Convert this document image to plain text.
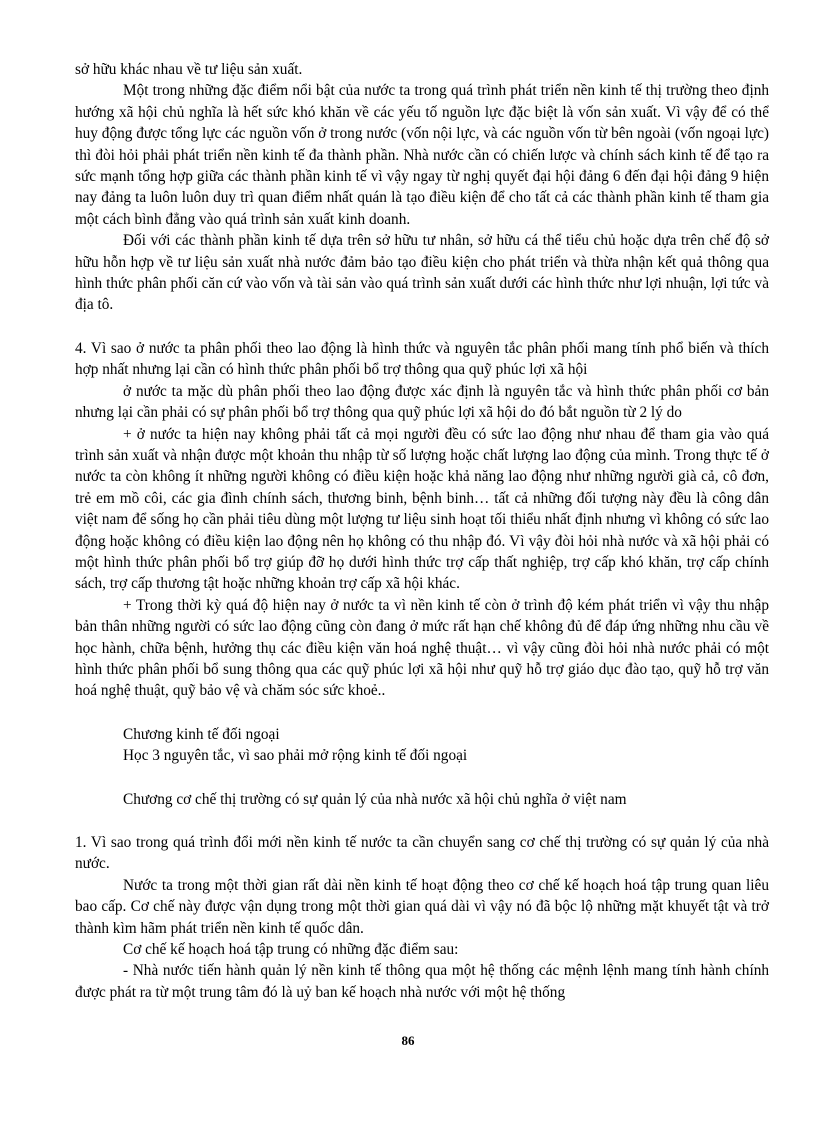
sở hữu khác nhau về tư liệu sản xuất.

Một trong những đặc điểm nổi bật của nước ta trong quá trình phát triển nền kinh tế thị trường theo định hướng xã hội chủ nghĩa là hết sức khó khăn về các yếu tố nguồn lực đặc biệt là vốn sản xuất. Vì vậy để có thể huy động được tổng lực các nguồn vốn ở trong nước (vốn nội lực, và các nguồn vốn từ bên ngoài (vốn ngoại lực) thì đòi hỏi phải phát triển nền kinh tế đa thành phần. Nhà nước cần có chiến lược và chính sách kinh tế để tạo ra sức mạnh tổng hợp giữa các thành phần kinh tế vì vậy ngay từ nghị quyết đại hội đảng 6 đến đại hội đảng 9 hiện nay đảng ta luôn luôn duy trì quan điểm nhất quán là tạo điều kiện để cho tất cả các thành phần kinh tế tham gia một cách bình đẳng vào quá trình sản xuất kinh doanh.

Đối với các thành phần kinh tế dựa trên sở hữu tư nhân, sở hữu cá thể tiểu chủ hoặc dựa trên chế độ sở hữu hỗn hợp về tư liệu sản xuất nhà nước đảm bảo tạo điều kiện cho phát triển và thừa nhận kết quả thông qua hình thức phân phối căn cứ vào vốn và tài sản vào quá trình sản xuất dưới các hình thức như lợi nhuận, lợi tức và địa tô.

4. Vì sao ở nước ta phân phối theo lao động là hình thức và nguyên tắc phân phối mang tính phổ biến và thích hợp nhất nhưng lại cần có hình thức phân phối bổ trợ thông qua quỹ phúc lợi xã hội

ở nước ta mặc dù phân phối theo lao động được xác định là nguyên tắc và hình thức phân phối cơ bản nhưng lại cần phải có sự phân phối bổ trợ thông qua quỹ phúc lợi xã hội do đó bắt nguồn từ 2 lý do

+ ở nước ta hiện nay không phải tất cả mọi người đều có sức lao động như nhau để tham gia vào quá trình sản xuất và nhận được một khoản thu nhập từ số lượng hoặc chất lượng lao động của mình. Trong thực tế ở nước ta còn không ít những người không có điều kiện hoặc khả năng lao động như những người già cả, cô đơn, trẻ em mồ côi, các gia đình chính sách, thương binh, bệnh binh… tất cả những đối tượng này đều là công dân việt nam để sống họ cần phải tiêu dùng một lượng tư liệu sinh hoạt tối thiểu nhất định nhưng vì không có sức lao động hoặc không có điều kiện lao động nên họ không có thu nhập đó. Vì vậy đòi hỏi nhà nước và xã hội phải có một hình thức phân phối bổ trợ giúp đỡ họ dưới hình thức trợ cấp thất nghiệp, trợ cấp khó khăn, trợ cấp chính sách, trợ cấp thương tật hoặc những khoản trợ cấp xã hội khác.

+ Trong thời kỳ quá độ hiện nay ở nước ta vì nền kinh tế còn ở trình độ kém phát triển vì vậy thu nhập bản thân những người có sức lao động cũng còn đang ở mức rất hạn chế không đủ để đáp ứng những nhu cầu về học hành, chữa bệnh, hưởng thụ các điều kiện văn hoá nghệ thuật… vì vậy cũng đòi hỏi nhà nước phải có một hình thức phân phối bổ sung thông qua các quỹ phúc lợi xã hội như quỹ hỗ trợ giáo dục đào tạo, quỹ hỗ trợ văn hoá nghệ thuật, quỹ bảo vệ và chăm sóc sức khoẻ..

Chương kinh tế đối ngoại

Học 3 nguyên tắc, vì sao phải mở rộng kinh tế đối ngoại

Chương cơ chế thị trường có sự quản lý của nhà nước xã hội chủ nghĩa ở việt nam

1. Vì sao trong quá trình đổi mới nền kinh tế nước ta cần chuyển sang cơ chế thị trường có sự quản lý của nhà nước.

Nước ta trong một thời gian rất dài nền kinh tế hoạt động theo cơ chế kế hoạch hoá tập trung quan liêu bao cấp. Cơ chế này được vận dụng trong một thời gian quá dài vì vậy nó đã bộc lộ những mặt khuyết tật và trở thành kìm hãm phát triển nền kinh tế quốc dân.

Cơ chế kế hoạch hoá tập trung có những đặc điểm sau:

- Nhà nước tiến hành quản lý nền kinh tế thông qua một hệ thống các mệnh lệnh mang tính hành chính được phát ra từ một trung tâm đó là uỷ ban kế hoạch nhà nước với một hệ thống

86
